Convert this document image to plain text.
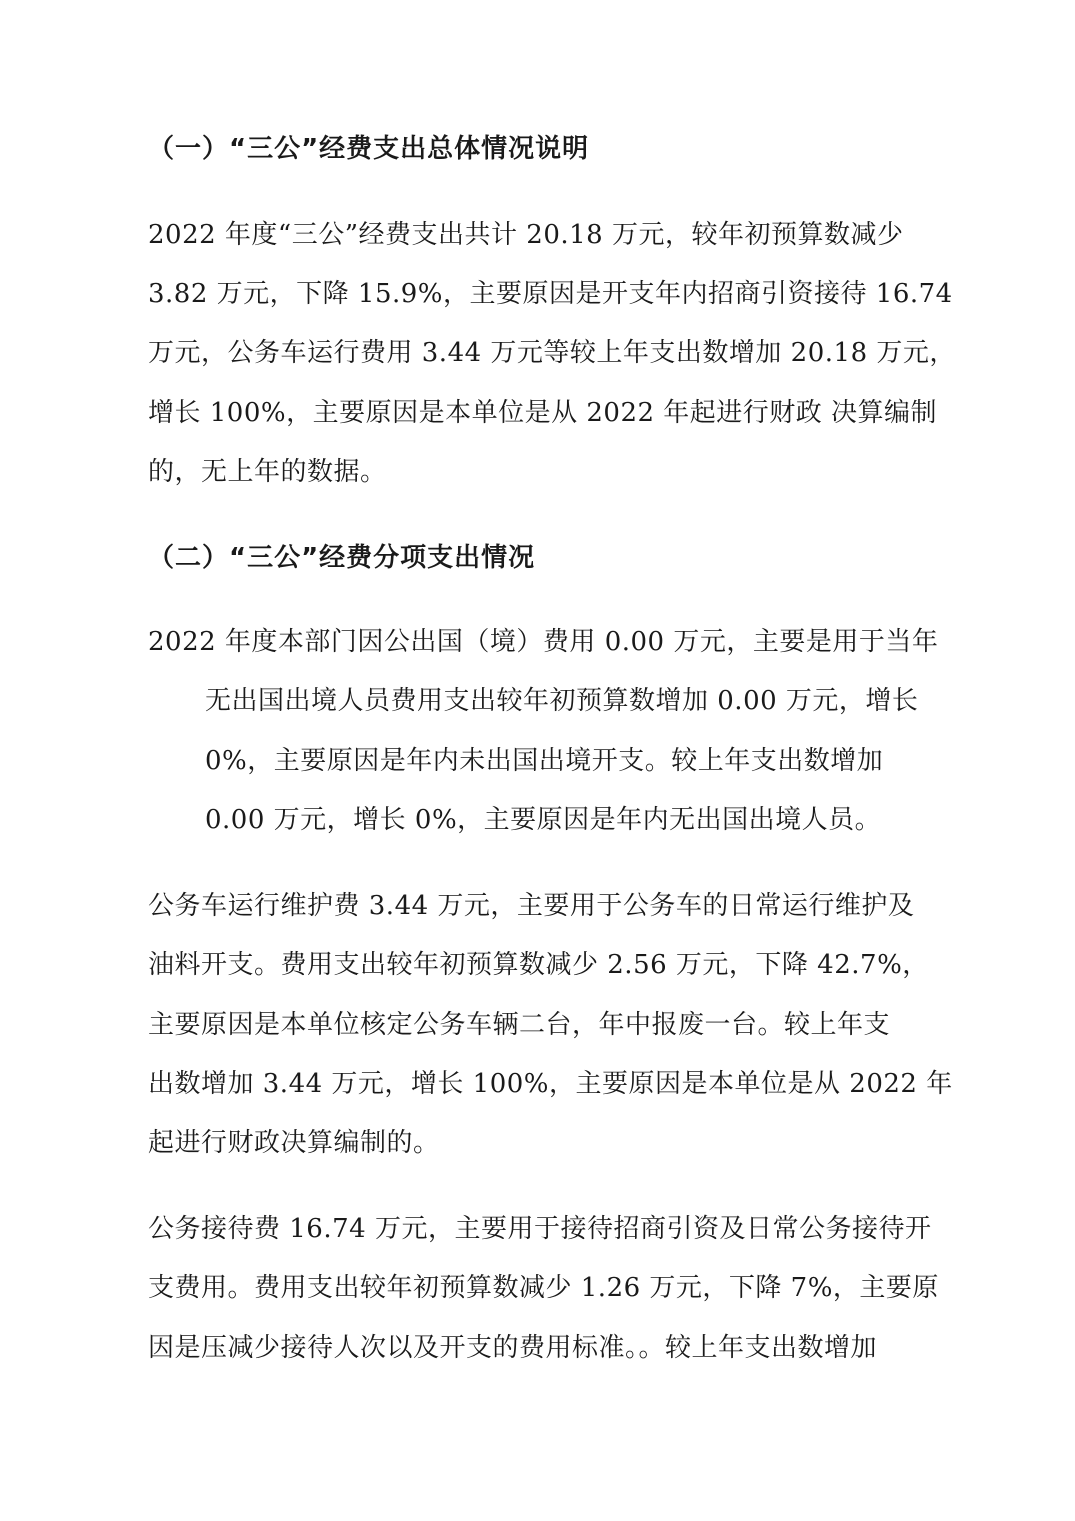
（一）“三公”经费支出总体情况说明
2022 年度“三公”经费支出共计 20.18 万元，较年初预算数减少
3.82 万元，下降 15.9%，主要原因是开支年内招商引资接待 16.74
万元，公务车运行费用 3.44 万元等较上年支出数增加 20.18 万元，
增长 100%，主要原因是本单位是从 2022 年起进行财政 决算编制
的，无上年的数据。
（二）“三公”经费分项支出情况
2022 年度本部门因公出国（境）费用 0.00 万元，主要是用于当年
无出国出境人员费用支出较年初预算数增加 0.00 万元，增长
0%，主要原因是年内未出国出境开支。较上年支出数增加
0.00 万元，增长 0%，主要原因是年内无出国出境人员。
公务车运行维护费 3.44 万元，主要用于公务车的日常运行维护及
油料开支。费用支出较年初预算数减少 2.56 万元，下降 42.7%，
主要原因是本单位核定公务车辆二台，年中报废一台。较上年支
出数增加 3.44 万元，增长 100%，主要原因是本单位是从 2022 年
起进行财政决算编制的。
公务接待费 16.74 万元，主要用于接待招商引资及日常公务接待开
支费用。费用支出较年初预算数减少 1.26 万元，下降 7%，主要原
因是压减少接待人次以及开支的费用标准。。较上年支出数增加
